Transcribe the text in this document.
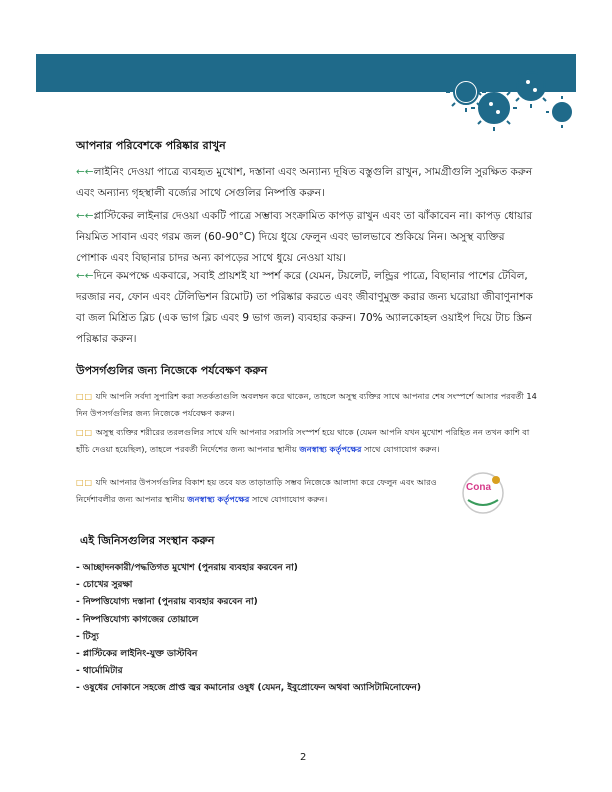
আপনার পরিবেশকে পরিষ্কার রাখুন
←←লাইনিং দেওয়া পাত্রে ব্যবহৃত মুখোশ, দস্তানা এবং অন্যান্য দূষিত বস্তুগুলি রাখুন, সামগ্রীগুলি সুরক্ষিত করুন এবং অন্যান্য গৃহস্থালী বর্জ্যের সাথে সেগুলির নিষ্পত্তি করুন।
←←প্লাস্টিকের লাইনার দেওয়া একটি পাত্রে সম্ভাব্য সংক্রামিত কাপড় রাখুন এবং তা ঝাঁকাবেন না। কাপড় ধোয়ার নিয়মিত সাবান এবং গরম জল (60-90°C) দিয়ে ধুয়ে ফেলুন এবং ভালভাবে শুকিয়ে নিন। অসুস্থ ব্যক্তির পোশাক এবং বিছানার চাদর অন্য কাপড়ের সাথে ধুয়ে নেওয়া যায়।
←←দিনে কমপক্ষে একবারে, সবাই প্রায়শই যা স্পর্শ করে (যেমন, টয়লেট, লন্ড্রির পাত্রে, বিছানার পাশের টেবিল, দরজার নব, ফোন এবং টেলিভিশন রিমোট) তা পরিষ্কার করতে এবং জীবাণুমুক্ত করার জন্য ঘরোয়া জীবাণুনাশক বা জল মিশ্রিত ব্লিচ (এক ভাগ ব্লিচ এবং 9 ভাগ জল) ব্যবহার করুন। 70% অ্যালকোহল ওয়াইপ দিয়ে টাচ স্ক্রিন পরিষ্কার করুন।
উপসর্গগুলির জন্য নিজেকে পর্যবেক্ষণ করুন
□□ যদি আপনি সর্বদা সুপারিশ করা সতর্কতাগুলি অবলম্বন করে থাকেন, তাহলে অসুস্থ ব্যক্তির সাথে আপনার শেষ সংস্পর্শে আসার পরবর্তী 14 দিন উপসর্গগুলির জন্য নিজেকে পর্যবেক্ষণ করুন।
□□ অসুস্থ ব্যক্তির শরীরের তরলগুলির সাথে যদি আপনার সরাসরি সংস্পর্শ হয়ে থাকে (যেমন আপনি যখন মুখোশ পরিহিত নন তখন কাশি বা হাঁচি দেওয়া হয়েছিল), তাহলে পরবর্তী নির্দেশের জন্য আপনার স্থানীয় জনস্বাস্থ্য কর্তৃপক্ষের সাথে যোগাযোগ করুন।
□□ যদি আপনার উপসর্গগুলির বিকাশ হয় তবে যত তাড়াতাড়ি সম্ভব নিজেকে আলাদা করে ফেলুন এবং আরও নির্দেশাবলীর জন্য আপনার স্থানীয় জনস্বাস্থ্য কর্তৃপক্ষের সাথে যোগাযোগ করুন।
Cona
এই জিনিসগুলির সংস্থান করুন
- আচ্ছাদনকারী/পদ্ধতিগত মুখোশ (পুনরায় ব্যবহার করবেন না)
- চোখের সুরক্ষা
- নিষ্পত্তিযোগ্য দস্তানা (পুনরায় ব্যবহার করবেন না)
- নিষ্পত্তিযোগ্য কাগজের তোয়ালে
- টিস্যু
- প্লাস্টিকের লাইনিং-যুক্ত ডাস্টবিন
- থার্মোমিটার
- ওষুধের দোকানে সহজে প্রাপ্ত জ্বর কমানোর ওষুধ (যেমন, ইবুপ্রোফেন অথবা অ্যাসিটামিনোফেন)
2
